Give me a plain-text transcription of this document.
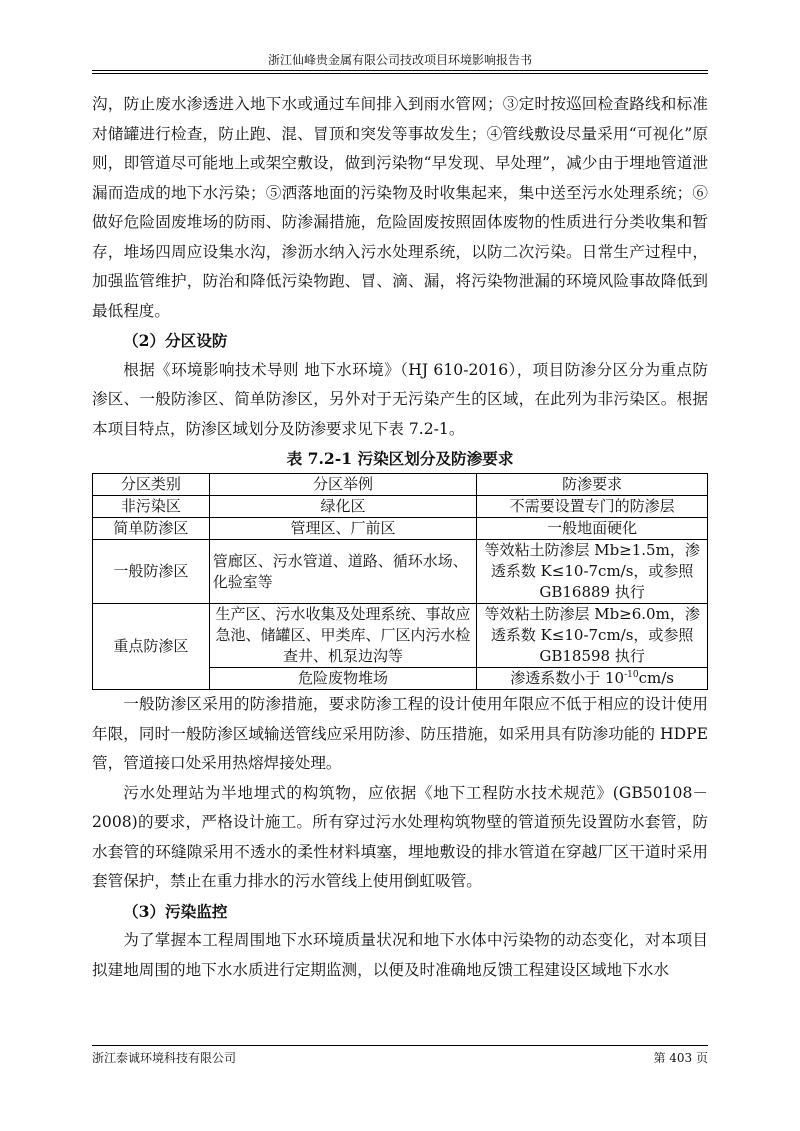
浙江仙峰贵金属有限公司技改项目环境影响报告书

沟，防止废水渗透进入地下水或通过车间排入到雨水管网；③定时按巡回检查路线和标准对储罐进行检查，防止跑、混、冒顶和突发等事故发生；④管线敷设尽量采用“可视化”原则，即管道尽可能地上或架空敷设，做到污染物“早发现、早处理”，减少由于埋地管道泄漏而造成的地下水污染；⑤洒落地面的污染物及时收集起来，集中送至污水处理系统；⑥做好危险固废堆场的防雨、防渗漏措施，危险固废按照固体废物的性质进行分类收集和暂存，堆场四周应设集水沟，渗沥水纳入污水处理系统，以防二次污染。日常生产过程中，加强监管维护，防治和降低污染物跑、冒、滴、漏，将污染物泄漏的环境风险事故降低到最低程度。

（2）分区设防

根据《环境影响技术导则 地下水环境》（HJ 610-2016），项目防渗分区分为重点防渗区、一般防渗区、简单防渗区，另外对于无污染产生的区域，在此列为非污染区。根据本项目特点，防渗区域划分及防渗要求见下表 7.2-1。

表 7.2-1 污染区划分及防渗要求
分区类别	分区举例	防渗要求
非污染区	绿化区	不需要设置专门的防渗层
简单防渗区	管理区、厂前区	一般地面硬化
一般防渗区	管廊区、污水管道、道路、循环水场、化验室等	等效粘土防渗层 Mb≥1.5m，渗透系数 K≤10-7cm/s，或参照GB16889 执行
重点防渗区	生产区、污水收集及处理系统、事故应急池、储罐区、甲类库、厂区内污水检查井、机泵边沟等	等效粘土防渗层 Mb≥6.0m，渗透系数 K≤10-7cm/s，或参照GB18598 执行
	危险废物堆场	渗透系数小于 $10^{-10}cm/s$

一般防渗区采用的防渗措施，要求防渗工程的设计使用年限应不低于相应的设计使用年限，同时一般防渗区域输送管线应采用防渗、防压措施，如采用具有防渗功能的 HDPE 管，管道接口处采用热熔焊接处理。

污水处理站为半地埋式的构筑物，应依据《地下工程防水技术规范》(GB50108－2008)的要求，严格设计施工。所有穿过污水处理构筑物壁的管道预先设置防水套管，防水套管的环缝隙采用不透水的柔性材料填塞，埋地敷设的排水管道在穿越厂区干道时采用套管保护，禁止在重力排水的污水管线上使用倒虹吸管。

（3）污染监控

为了掌握本工程周围地下水环境质量状况和地下水体中污染物的动态变化，对本项目拟建地周围的地下水水质进行定期监测，以便及时准确地反馈工程建设区域地下水水

浙江泰诚环境科技有限公司	第 403 页
